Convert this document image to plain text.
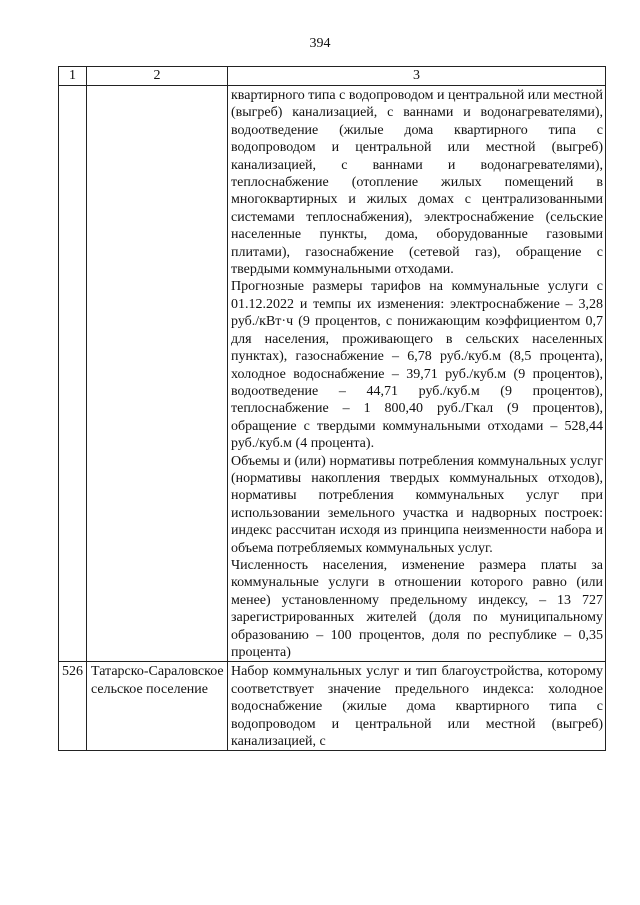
394
1	2	3

		квартирного типа с водопроводом и центральной или местной (выгреб) канализацией, с ваннами и водонагревателями), водоотведение (жилые дома квартирного типа с водопроводом и центральной или местной (выгреб) канализацией, с ваннами и водонагревателями), теплоснабжение (отопление жилых помещений в многоквартирных и жилых домах с централизованными системами теплоснабжения), электроснабжение (сельские населенные пункты, дома, оборудованные газовыми плитами), газоснабжение (сетевой газ), обращение с твердыми коммунальными отходами.
Прогнозные размеры тарифов на коммунальные услуги с 01.12.2022 и темпы их изменения: электроснабжение – 3,28 руб./кВт·ч (9 процентов, с понижающим коэффициентом 0,7 для населения, проживающего в сельских населенных пунктах), газоснабжение – 6,78 руб./куб.м (8,5 процента), холодное водоснабжение – 39,71 руб./куб.м (9 процентов), водоотведение – 44,71 руб./куб.м (9 процентов), теплоснабжение – 1 800,40 руб./Гкал (9 процентов), обращение с твердыми коммунальными отходами – 528,44 руб./куб.м (4 процента).
Объемы и (или) нормативы потребления коммунальных услуг (нормативы накопления твердых коммунальных отходов), нормативы потребления коммунальных услуг при использовании земельного участка и надворных построек: индекс рассчитан исходя из принципа неизменности набора и объема потребляемых коммунальных услуг.
Численность населения, изменение размера платы за коммунальные услуги в отношении которого равно (или менее) установленному предельному индексу, – 13 727 зарегистрированных жителей (доля по муниципальному образованию – 100 процентов, доля по республике – 0,35 процента)

526	Татарско-Сараловское сельское поселение	Набор коммунальных услуг и тип благоустройства, которому соответствует значение предельного индекса: холодное водоснабжение (жилые дома квартирного типа с водопроводом и центральной или местной (выгреб) канализацией, с
